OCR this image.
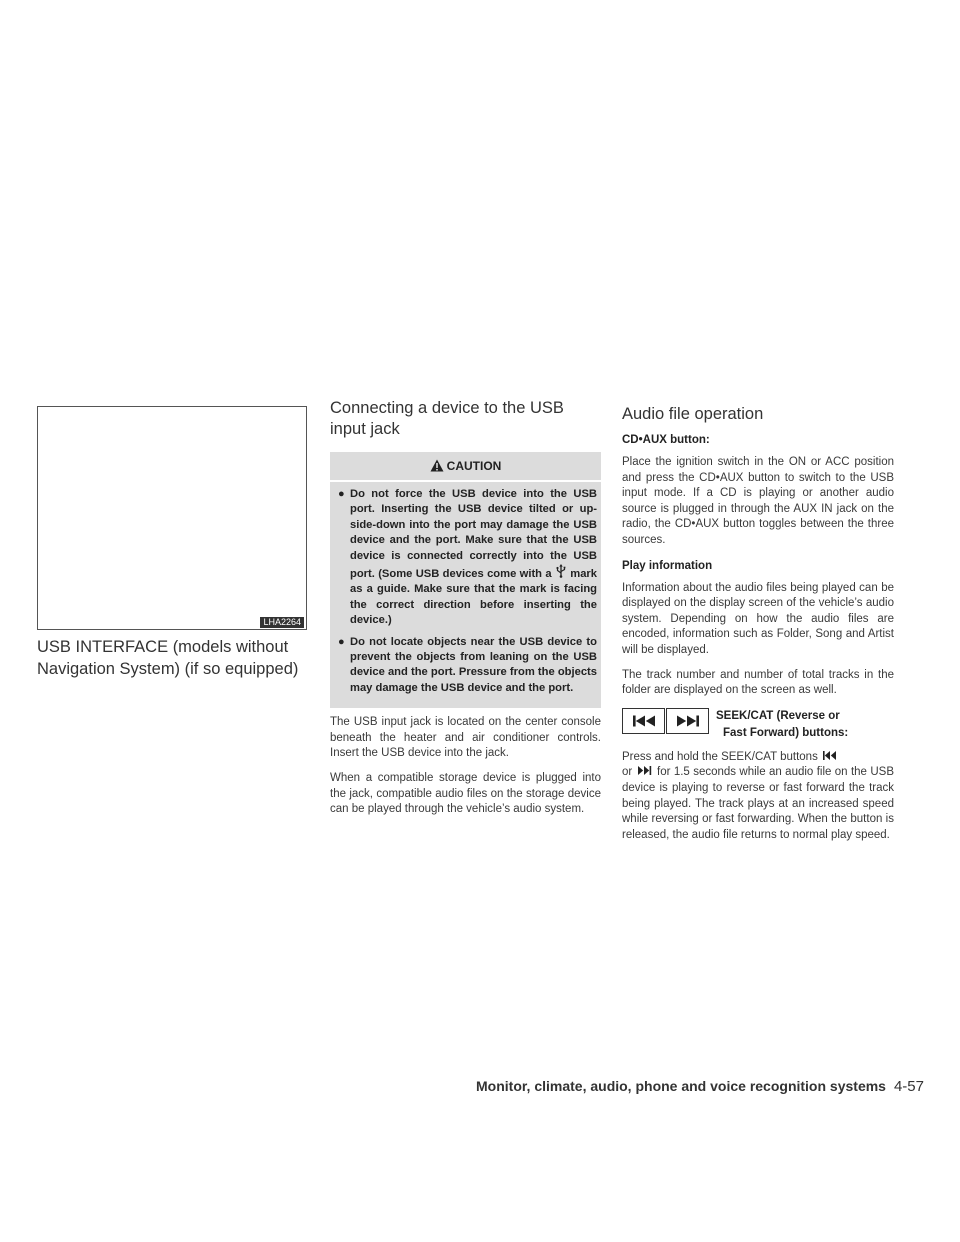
LHA2264
USB INTERFACE (models without Navigation System) (if so equipped)
Connecting a device to the USB input jack
CAUTION
● Do not force the USB device into the USB port. Inserting the USB device tilted or up-side-down into the port may damage the USB device and the port. Make sure that the USB device is connected correctly into the USB port. (Some USB devices come with a mark as a guide. Make sure that the mark is facing the correct direction before inserting the device.)
● Do not locate objects near the USB device to prevent the objects from leaning on the USB device and the port. Pressure from the objects may damage the USB device and the port.

The USB input jack is located on the center console beneath the heater and air conditioner controls. Insert the USB device into the jack.

When a compatible storage device is plugged into the jack, compatible audio files on the storage device can be played through the vehicle’s audio system.

Audio file operation
CD•AUX button:

Place the ignition switch in the ON or ACC position and press the CD•AUX button to switch to the USB input mode. If a CD is playing or another audio source is plugged in through the AUX IN jack on the radio, the CD•AUX button toggles between the three sources.

Play information

Information about the audio files being played can be displayed on the display screen of the vehicle’s audio system. Depending on how the audio files are encoded, information such as Folder, Song and Artist will be displayed.

The track number and number of total tracks in the folder are displayed on the screen as well.

SEEK/CAT (Reverse or
Fast Forward) buttons:

Press and hold the SEEK/CAT buttons
or for 1.5 seconds while an audio file on the USB device is playing to reverse or fast forward the track being played. The track plays at an increased speed while reversing or fast forwarding. When the button is released, the audio file returns to normal play speed.

Monitor, climate, audio, phone and voice recognition systems 4-57
